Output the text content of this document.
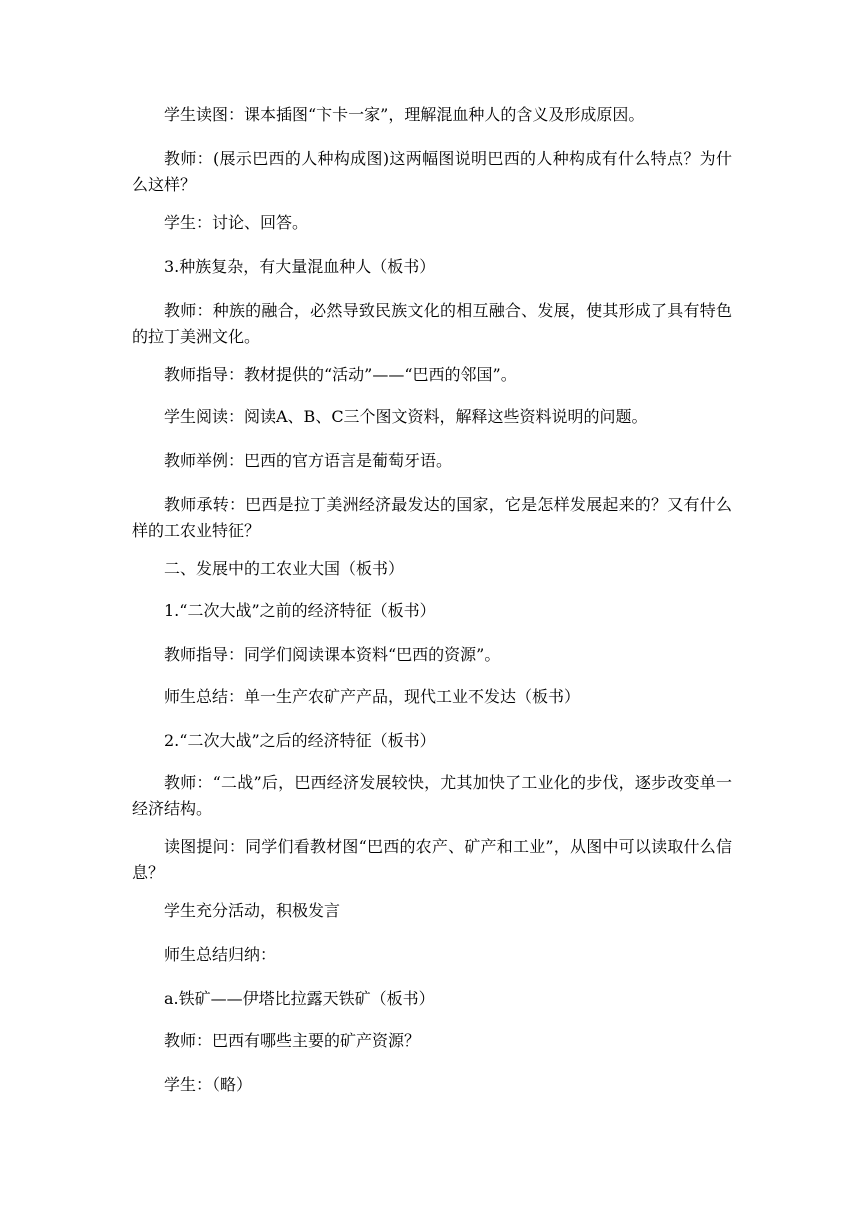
学生读图：课本插图“卞卡一家”，理解混血种人的含义及形成原因。

教师：(展示巴西的人种构成图)这两幅图说明巴西的人种构成有什么特点？为什么这样？

学生：讨论、回答。

3.种族复杂，有大量混血种人（板书）

教师：种族的融合，必然导致民族文化的相互融合、发展，使其形成了具有特色的拉丁美洲文化。

教师指导：教材提供的“活动”——“巴西的邻国”。

学生阅读：阅读A、B、C三个图文资料，解释这些资料说明的问题。

教师举例：巴西的官方语言是葡萄牙语。

教师承转：巴西是拉丁美洲经济最发达的国家，它是怎样发展起来的？又有什么样的工农业特征？

二、发展中的工农业大国（板书）

1.“二次大战”之前的经济特征（板书）

教师指导：同学们阅读课本资料“巴西的资源”。

师生总结：单一生产农矿产产品，现代工业不发达（板书）

2.“二次大战”之后的经济特征（板书）

教师：“二战”后，巴西经济发展较快，尤其加快了工业化的步伐，逐步改变单一经济结构。

读图提问：同学们看教材图“巴西的农产、矿产和工业”，从图中可以读取什么信息？

学生充分活动，积极发言

师生总结归纳：

a.铁矿——伊塔比拉露天铁矿（板书）

教师：巴西有哪些主要的矿产资源？

学生：（略）
